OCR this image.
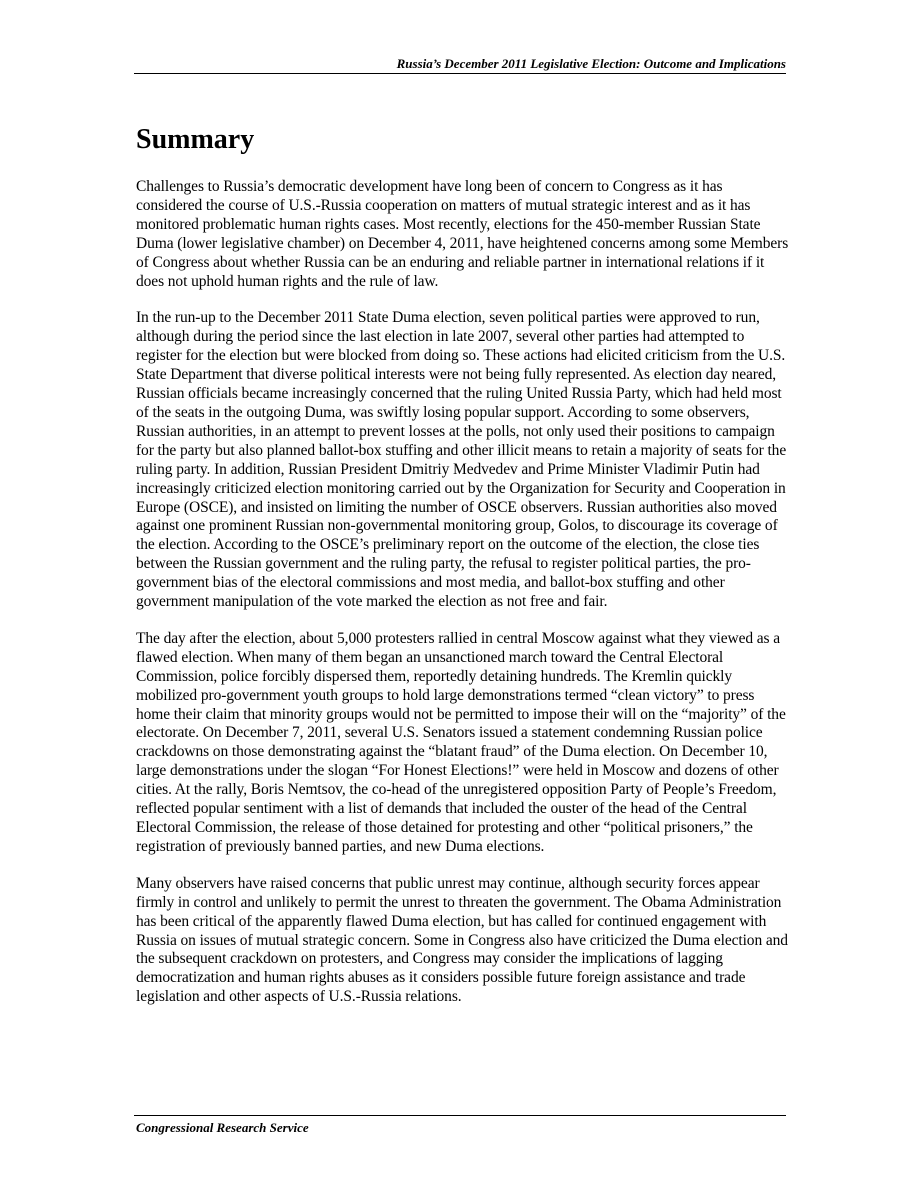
Russia’s December 2011 Legislative Election: Outcome and Implications
Summary

Challenges to Russia’s democratic development have long been of concern to Congress as it has considered the course of U.S.-Russia cooperation on matters of mutual strategic interest and as it has monitored problematic human rights cases. Most recently, elections for the 450-member Russian State Duma (lower legislative chamber) on December 4, 2011, have heightened concerns among some Members of Congress about whether Russia can be an enduring and reliable partner in international relations if it does not uphold human rights and the rule of law.

In the run-up to the December 2011 State Duma election, seven political parties were approved to run, although during the period since the last election in late 2007, several other parties had attempted to register for the election but were blocked from doing so. These actions had elicited criticism from the U.S. State Department that diverse political interests were not being fully represented. As election day neared, Russian officials became increasingly concerned that the ruling United Russia Party, which had held most of the seats in the outgoing Duma, was swiftly losing popular support. According to some observers, Russian authorities, in an attempt to prevent losses at the polls, not only used their positions to campaign for the party but also planned ballot-box stuffing and other illicit means to retain a majority of seats for the ruling party. In addition, Russian President Dmitriy Medvedev and Prime Minister Vladimir Putin had increasingly criticized election monitoring carried out by the Organization for Security and Cooperation in Europe (OSCE), and insisted on limiting the number of OSCE observers. Russian authorities also moved against one prominent Russian non-governmental monitoring group, Golos, to discourage its coverage of the election. According to the OSCE’s preliminary report on the outcome of the election, the close ties between the Russian government and the ruling party, the refusal to register political parties, the pro-government bias of the electoral commissions and most media, and ballot-box stuffing and other government manipulation of the vote marked the election as not free and fair.

The day after the election, about 5,000 protesters rallied in central Moscow against what they viewed as a flawed election. When many of them began an unsanctioned march toward the Central Electoral Commission, police forcibly dispersed them, reportedly detaining hundreds. The Kremlin quickly mobilized pro-government youth groups to hold large demonstrations termed “clean victory” to press home their claim that minority groups would not be permitted to impose their will on the “majority” of the electorate. On December 7, 2011, several U.S. Senators issued a statement condemning Russian police crackdowns on those demonstrating against the “blatant fraud” of the Duma election. On December 10, large demonstrations under the slogan “For Honest Elections!” were held in Moscow and dozens of other cities. At the rally, Boris Nemtsov, the co-head of the unregistered opposition Party of People’s Freedom, reflected popular sentiment with a list of demands that included the ouster of the head of the Central Electoral Commission, the release of those detained for protesting and other “political prisoners,” the registration of previously banned parties, and new Duma elections.

Many observers have raised concerns that public unrest may continue, although security forces appear firmly in control and unlikely to permit the unrest to threaten the government. The Obama Administration has been critical of the apparently flawed Duma election, but has called for continued engagement with Russia on issues of mutual strategic concern. Some in Congress also have criticized the Duma election and the subsequent crackdown on protesters, and Congress may consider the implications of lagging democratization and human rights abuses as it considers possible future foreign assistance and trade legislation and other aspects of U.S.-Russia relations.

Congressional Research Service
